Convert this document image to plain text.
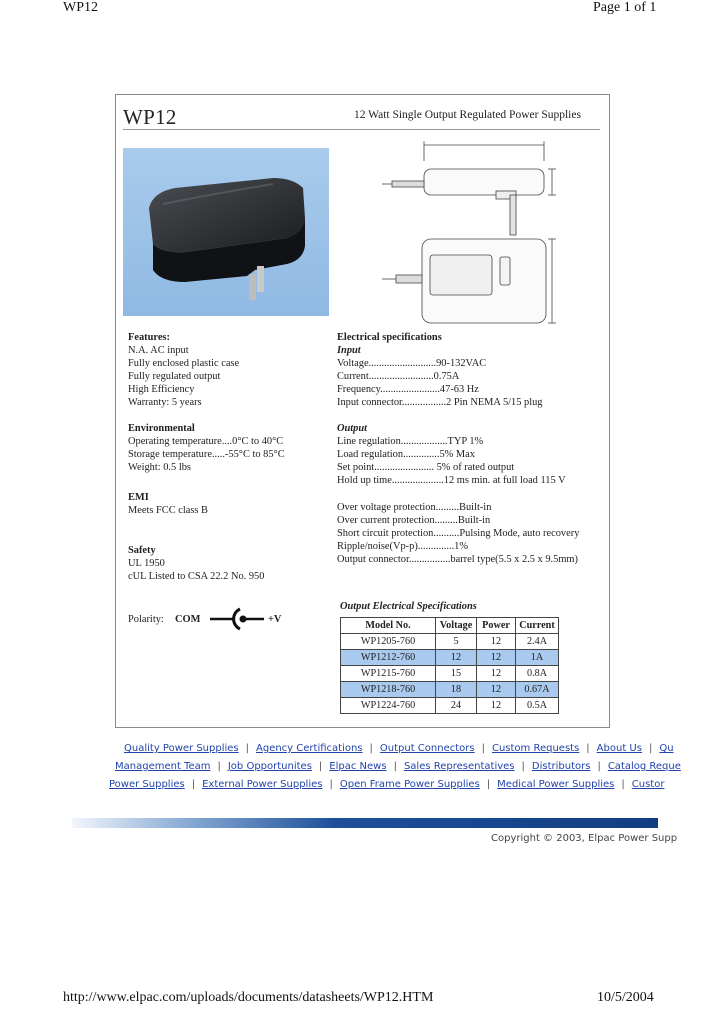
WP12	Page 1 of 1
WP12	12 Watt Single Output Regulated Power Supplies
Features:
N.A. AC input
Fully enclosed plastic case
Fully regulated output
High Efficiency
Warranty: 5 years
Environmental
Operating temperature....0°C to 40°C
Storage temperature.....-55°C to 85°C
Weight: 0.5 lbs
EMI
Meets FCC class B
Safety
UL 1950
cUL Listed to CSA 22.2 No. 950
Polarity: COM	+V
Electrical specifications
Input
Voltage..........................90-132VAC
Current.........................0.75A
Frequency.......................47-63 Hz
Input connector.................2 Pin NEMA 5/15 plug
Output
Line regulation..................TYP 1%
Load regulation..............5% Max
Set point....................... 5% of rated output
Hold up time....................12 ms min. at full load 115 V
Over voltage protection.........Built-in
Over current protection.........Built-in
Short circuit protection..........Pulsing Mode, auto recovery
Ripple/noise(Vp-p)..............1%
Output connector................barrel type(5.5 x 2.5 x 9.5mm)
Output Electrical Specifications
Model No.	Voltage	Power	Current
WP1205-760	5	12	2.4A
WP1212-760	12	12	1A
WP1215-760	15	12	0.8A
WP1218-760	18	12	0.67A
WP1224-760	24	12	0.5A
Quality Power Supplies | Agency Certifications | Output Connectors | Custom Requests | About Us | Qu
Management Team | Job Opportunites | Elpac News | Sales Representatives | Distributors | Catalog Reque
Power Supplies | External Power Supplies | Open Frame Power Supplies | Medical Power Supplies | Custor
Copyright © 2003, Elpac Power Supp
http://www.elpac.com/uploads/documents/datasheets/WP12.HTM	10/5/2004
